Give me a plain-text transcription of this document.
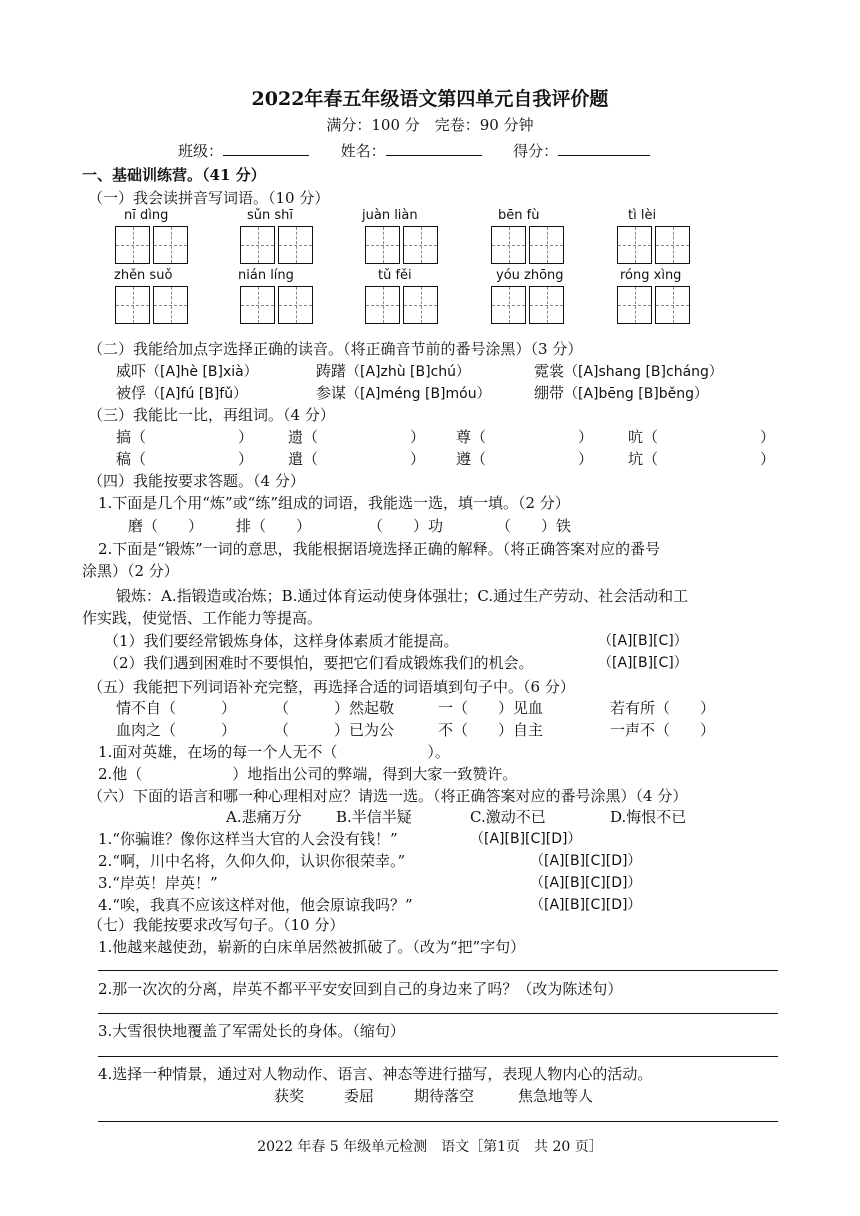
2022年春五年级语文第四单元自我评价题
满分：100 分　完卷：90 分钟
班级：	姓名：	得分：
一、基础训练营。（41 分）
（一）我会读拼音写词语。（10 分）
nī dìng	sǔn shī	juàn liàn	bēn fù	tì lèi
zhěn suǒ	nián líng	tǔ fěi	yóu zhōng	róng xìng
（二）我能给加点字选择正确的读音。（将正确音节前的番号涂黑）（3 分）
威吓（[A]hè [B]xià）	踌躇（[A]zhù [B]chú）	霓裳（[A]shang [B]cháng）
被俘（[A]fú [B]fǔ）	参谋（[A]méng [B]móu）	绷带（[A]bēng [B]běng）
（三）我能比一比，再组词。（4 分）
搞（	） 遗（	） 尊（	） 吭（	）
稿（	） 遣（	） 遵（	） 坑（	）
（四）我能按要求答题。（4 分）
1.下面是几个用“炼”或“练”组成的词语，我能选一选，填一填。（2 分）
磨（　　） 排（　　）	（　　）功	（　　）铁
2.下面是“锻炼”一词的意思，我能根据语境选择正确的解释。（将正确答案对应的番号
涂黑）（2 分）
锻炼：A.指锻造或冶炼；B.通过体育运动使身体强壮；C.通过生产劳动、社会活动和工
作实践，使觉悟、工作能力等提高。
（1）我们要经常锻炼身体，这样身体素质才能提高。	（[A][B][C]）
（2）我们遇到困难时不要惧怕，要把它们看成锻炼我们的机会。	（[A][B][C]）
（五）我能把下列词语补充完整，再选择合适的词语填到句子中。（6 分）
情不自（　　　）	（　　　）然起敬	一（　　）见血	若有所（　　）
血肉之（　　　）	（　　　）已为公	不（　　）自主	一声不（　　）
1.面对英雄，在场的每一个人无不（　　　　　　）。
2.他（　　　　　　）地指出公司的弊端，得到大家一致赞许。
（六）下面的语言和哪一种心理相对应？请选一选。（将正确答案对应的番号涂黑）（4 分）
A.悲痛万分 B.半信半疑	C.激动不已	D.悔恨不已
1.“你骗谁？像你这样当大官的人会没有钱！”	（[A][B][C][D]）
2.“啊，川中名将，久仰久仰，认识你很荣幸。”	（[A][B][C][D]）
3.“岸英！岸英！”	（[A][B][C][D]）
4.“唉，我真不应该这样对他，他会原谅我吗？”	（[A][B][C][D]）
（七）我能按要求改写句子。（10 分）
1.他越来越使劲，崭新的白床单居然被抓破了。（改为“把”字句）
2.那一次次的分离，岸英不都平平安安回到自己的身边来了吗？（改为陈述句）
3.大雪很快地覆盖了军需处长的身体。（缩句）
4.选择一种情景，通过对人物动作、语言、神态等进行描写，表现人物内心的活动。
获奖	委屈	期待落空	焦急地等人
2022 年春 5 年级单元检测　语文［第1页　共 20 页］
